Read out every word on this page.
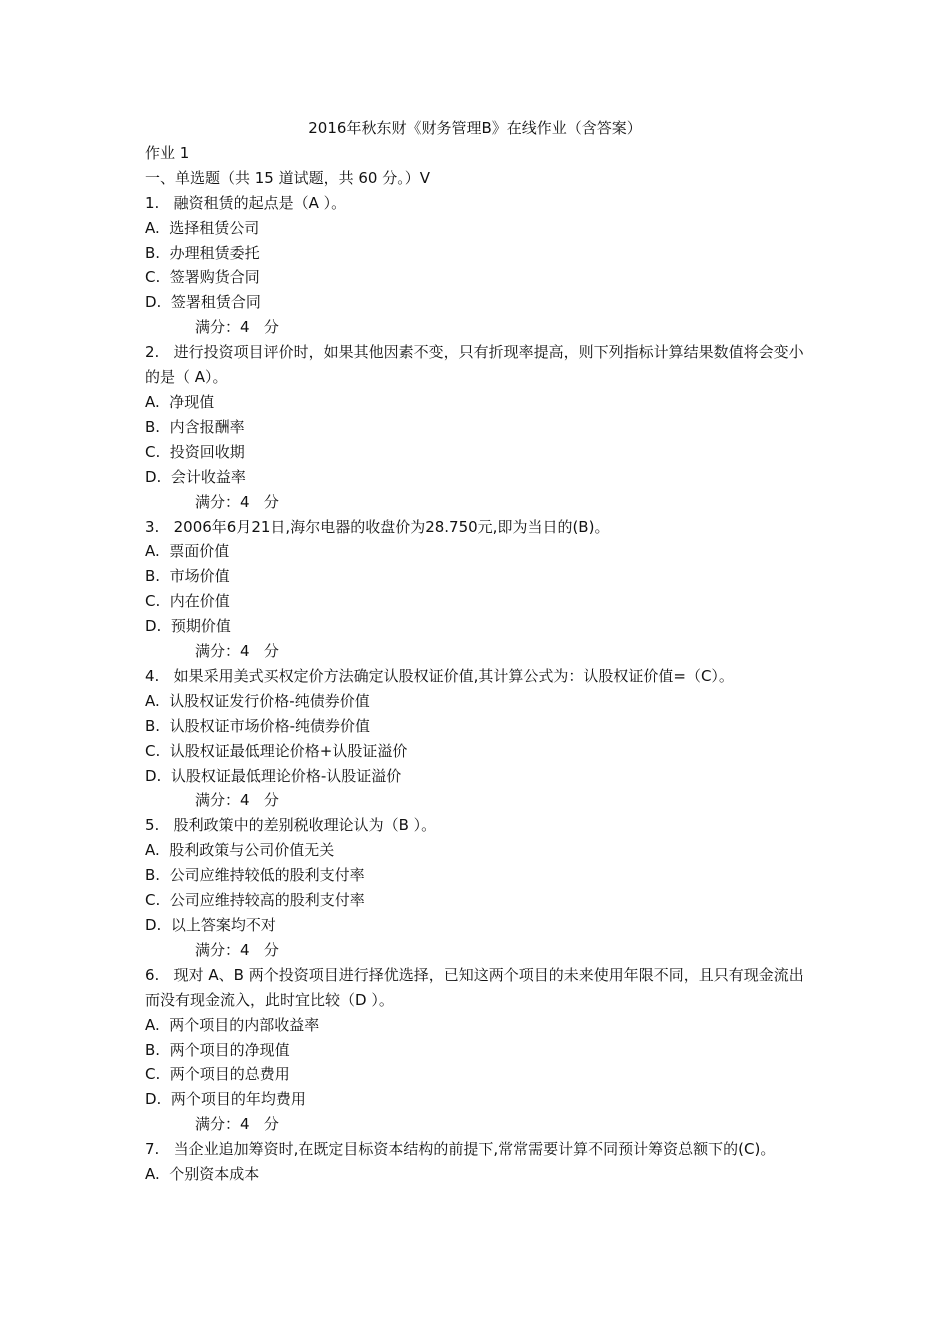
2016年秋东财《财务管理B》在线作业（含答案）
作业 1
一、单选题（共 15 道试题，共 60 分。）V
1.   融资租赁的起点是（A ）。
A.  选择租赁公司
B.  办理租赁委托
C.  签署购货合同
D.  签署租赁合同
满分：4   分
2.   进行投资项目评价时，如果其他因素不变，只有折现率提高，则下列指标计算结果数值将会变小的是（ A）。
A.  净现值
B.  内含报酬率
C.  投资回收期
D.  会计收益率
满分：4   分
3.   2006年6月21日,海尔电器的收盘价为28.750元,即为当日的(B)。
A.  票面价值
B.  市场价值
C.  内在价值
D.  预期价值
满分：4   分
4.   如果采用美式买权定价方法确定认股权证价值,其计算公式为：认股权证价值=（C）。
A.  认股权证发行价格-纯债券价值
B.  认股权证市场价格-纯债券价值
C.  认股权证最低理论价格+认股证溢价
D.  认股权证最低理论价格-认股证溢价
满分：4   分
5.   股利政策中的差别税收理论认为（B ）。
A.  股利政策与公司价值无关
B.  公司应维持较低的股利支付率
C.  公司应维持较高的股利支付率
D.  以上答案均不对
满分：4   分
6.   现对 A、B 两个投资项目进行择优选择，已知这两个项目的未来使用年限不同，且只有现金流出而没有现金流入，此时宜比较（D ）。
A.  两个项目的内部收益率
B.  两个项目的净现值
C.  两个项目的总费用
D.  两个项目的年均费用
满分：4   分
7.   当企业追加筹资时,在既定目标资本结构的前提下,常常需要计算不同预计筹资总额下的(C)。
A.  个别资本成本
